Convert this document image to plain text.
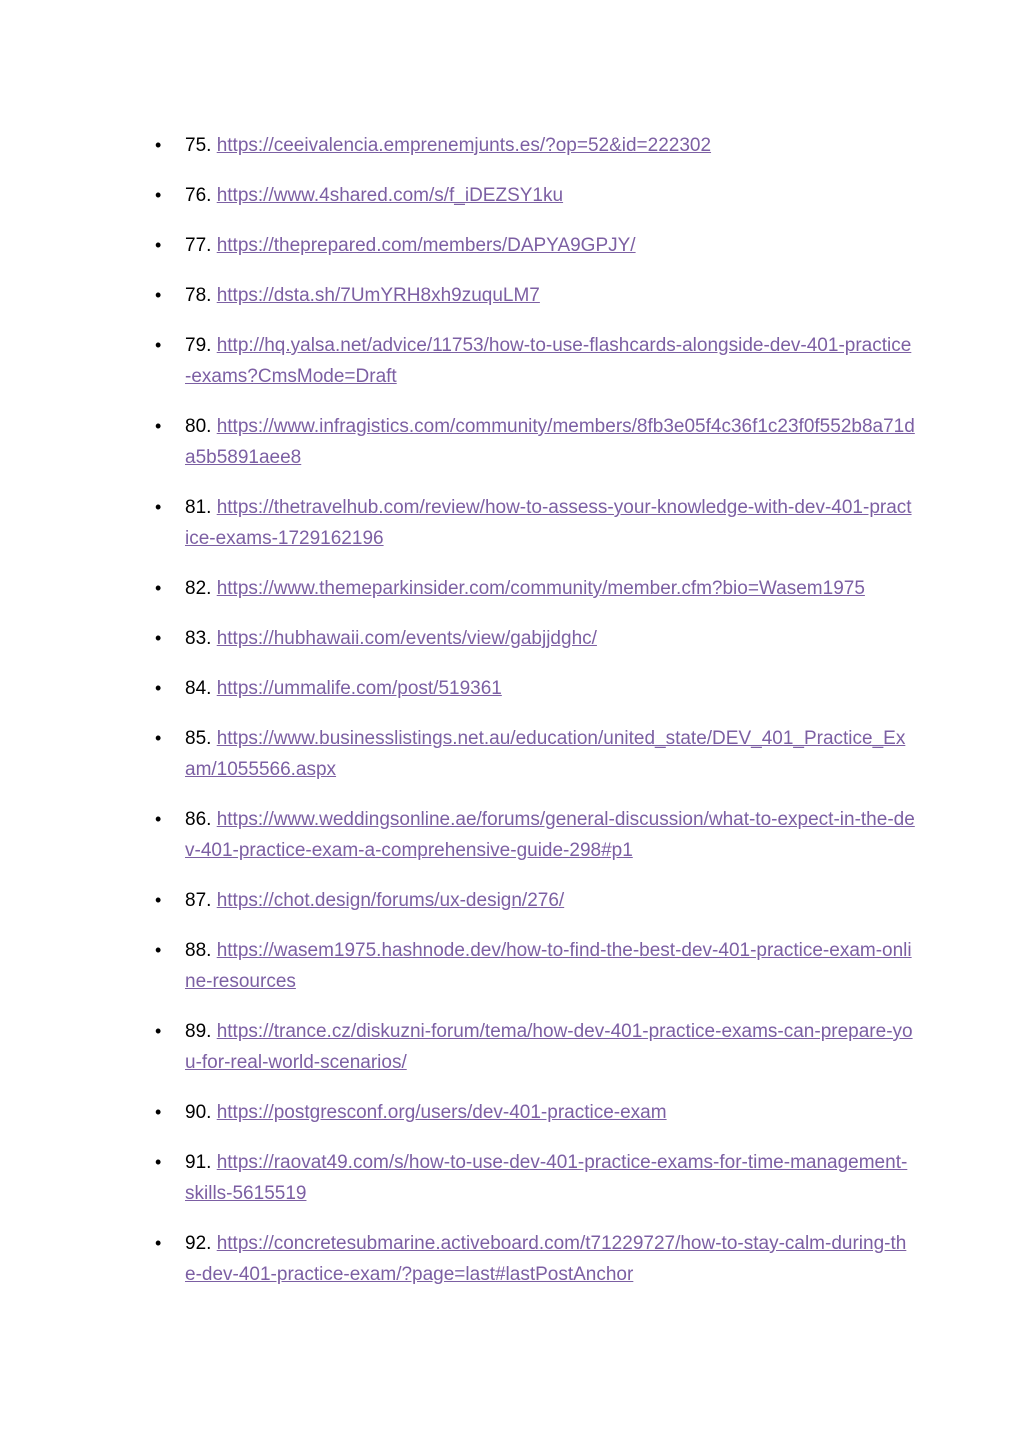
•	75. https://ceeivalencia.emprenemjunts.es/?op=52&id=222302
•	76. https://www.4shared.com/s/f_iDEZSY1ku
•	77. https://theprepared.com/members/DAPYA9GPJY/
•	78. https://dsta.sh/7UmYRH8xh9zuquLM7
•	79. http://hq.yalsa.net/advice/11753/how-to-use-flashcards-alongside-dev-401-practice-exams?CmsMode=Draft
•	80. https://www.infragistics.com/community/members/8fb3e05f4c36f1c23f0f552b8a71da5b5891aee8
•	81. https://thetravelhub.com/review/how-to-assess-your-knowledge-with-dev-401-practice-exams-1729162196
•	82. https://www.themeparkinsider.com/community/member.cfm?bio=Wasem1975
•	83. https://hubhawaii.com/events/view/gabjjdghc/
•	84. https://ummalife.com/post/519361
•	85. https://www.businesslistings.net.au/education/united_state/DEV_401_Practice_Exam/1055566.aspx
•	86. https://www.weddingsonline.ae/forums/general-discussion/what-to-expect-in-the-dev-401-practice-exam-a-comprehensive-guide-298#p1
•	87. https://chot.design/forums/ux-design/276/
•	88. https://wasem1975.hashnode.dev/how-to-find-the-best-dev-401-practice-exam-online-resources
•	89. https://trance.cz/diskuzni-forum/tema/how-dev-401-practice-exams-can-prepare-you-for-real-world-scenarios/
•	90. https://postgresconf.org/users/dev-401-practice-exam
•	91. https://raovat49.com/s/how-to-use-dev-401-practice-exams-for-time-management-skills-5615519
•	92. https://concretesubmarine.activeboard.com/t71229727/how-to-stay-calm-during-the-dev-401-practice-exam/?page=last#lastPostAnchor
